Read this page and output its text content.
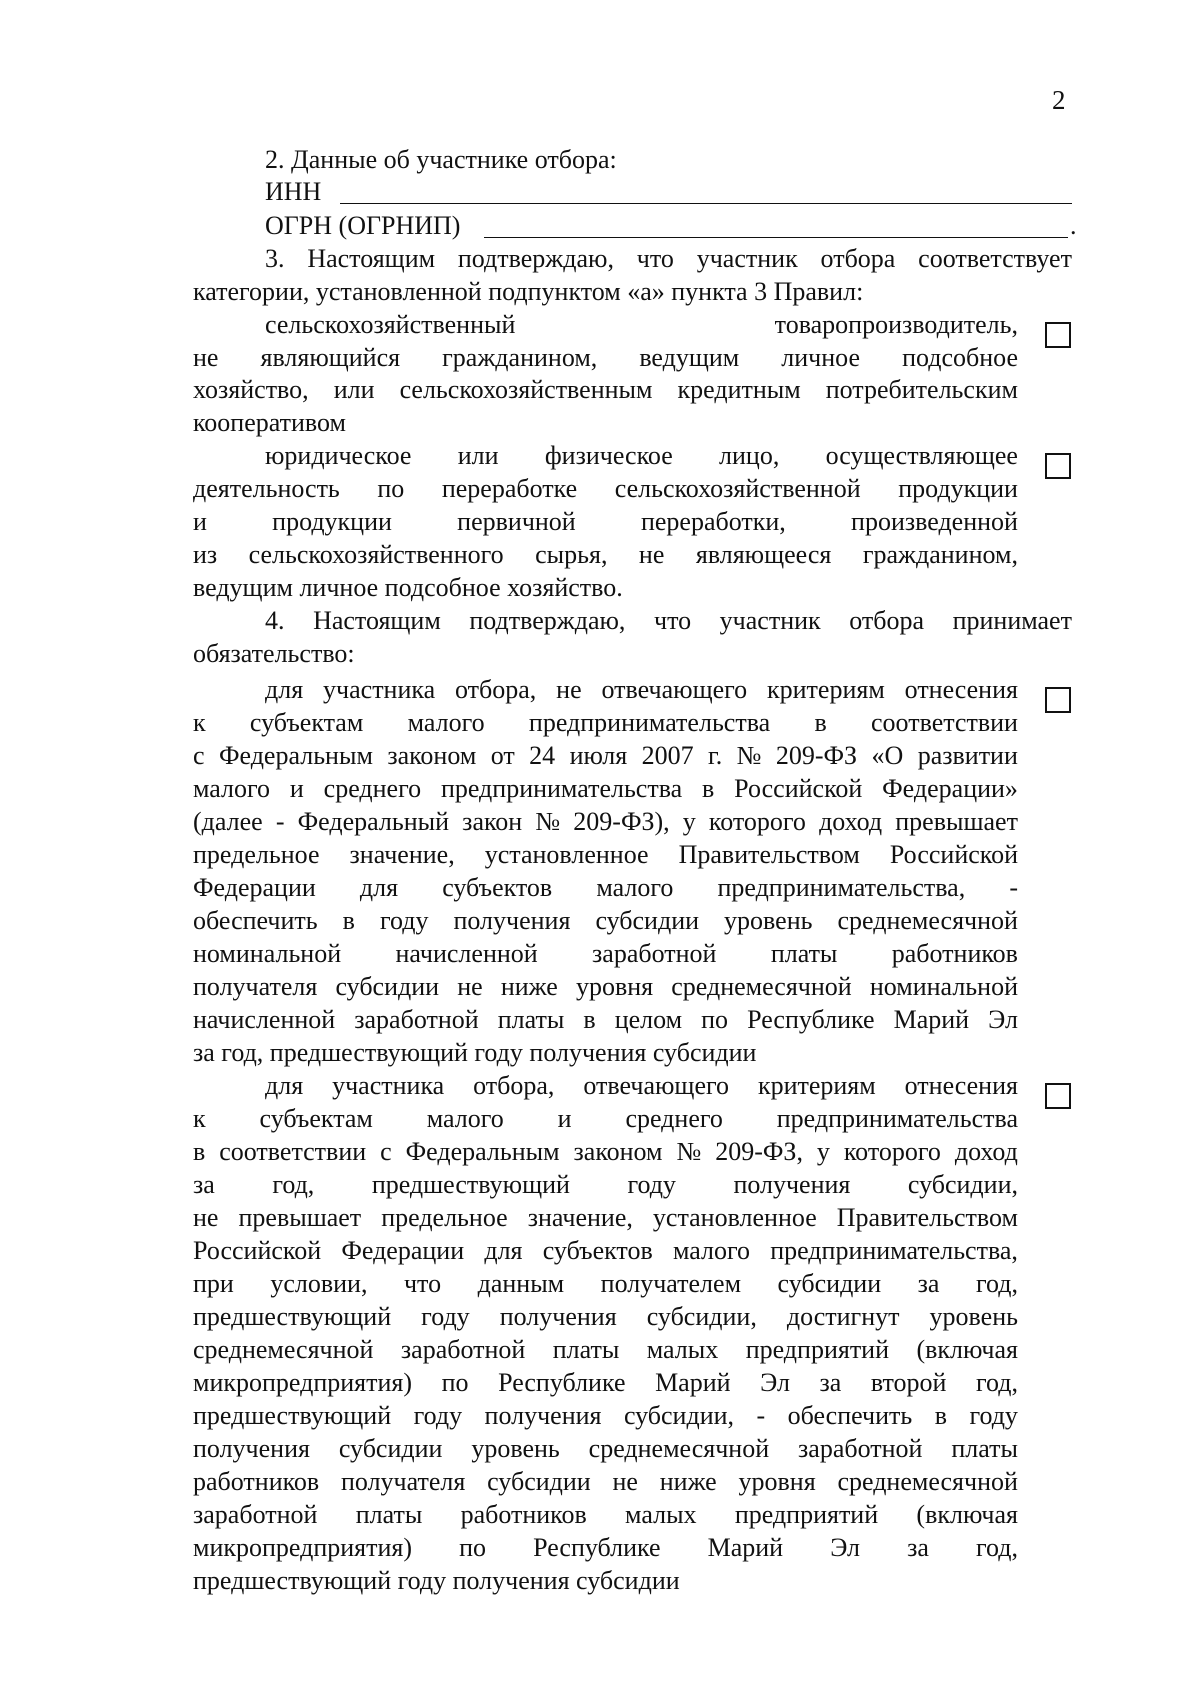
2
2. Данные об участнике отбора:
ИНН
ОГРН (ОГРНИП)	.
3. Настоящим подтверждаю, что участник отбора соответствует
категории, установленной подпунктом «а» пункта 3 Правил:
сельскохозяйственный	товаропроизводитель,
не являющийся гражданином, ведущим личное подсобное
хозяйство, или сельскохозяйственным кредитным потребительским
кооперативом
юридическое или физическое лицо, осуществляющее
деятельность по переработке сельскохозяйственной продукции
и	продукции	первичной	переработки,	произведенной
из сельскохозяйственного сырья, не являющееся гражданином,
ведущим личное подсобное хозяйство.
4. Настоящим подтверждаю, что участник отбора принимает
обязательство:
для участника отбора, не отвечающего критериям отнесения
к субъектам малого предпринимательства в соответствии
с Федеральным законом от 24 июля 2007 г. № 209-ФЗ «О развитии
малого и среднего предпринимательства в Российской Федерации»
(далее - Федеральный закон № 209-ФЗ), у которого доход превышает
предельное значение, установленное Правительством Российской
Федерации для субъектов малого предпринимательства, -
обеспечить в году получения субсидии уровень среднемесячной
номинальной начисленной заработной платы работников
получателя субсидии не ниже уровня среднемесячной номинальной
начисленной заработной платы в целом по Республике Марий Эл
за год, предшествующий году получения субсидии
для участника отбора, отвечающего критериям отнесения
к субъектам малого и среднего предпринимательства
в соответствии с Федеральным законом № 209-ФЗ, у которого доход
за год, предшествующий году получения субсидии,
не превышает предельное значение, установленное Правительством
Российской Федерации для субъектов малого предпринимательства,
при условии, что данным получателем субсидии за год,
предшествующий году получения субсидии, достигнут уровень
среднемесячной заработной платы малых предприятий (включая
микропредприятия) по Республике Марий Эл за второй год,
предшествующий году получения субсидии, - обеспечить в году
получения субсидии уровень среднемесячной заработной платы
работников получателя субсидии не ниже уровня среднемесячной
заработной платы работников малых предприятий (включая
микропредприятия) по Республике Марий Эл за год,
предшествующий году получения субсидии
